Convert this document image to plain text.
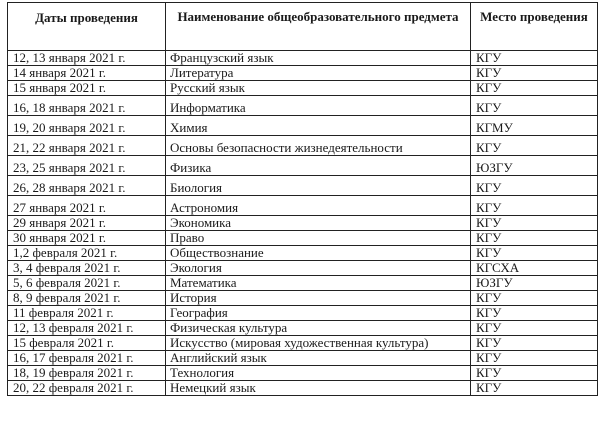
Даты проведения	Наименование общеобразовательного предмета	Место проведения
12, 13 января 2021 г.	Французский язык	КГУ
14 января 2021 г.	Литература	КГУ
15 января 2021 г.	Русский язык	КГУ
16, 18 января 2021 г.	Информатика	КГУ
19, 20 января 2021 г.	Химия	КГМУ
21, 22 января 2021 г.	Основы безопасности жизнедеятельности	КГУ
23, 25 января 2021 г.	Физика	ЮЗГУ
26, 28 января 2021 г.	Биология	КГУ
27 января 2021 г.	Астрономия	КГУ
29 января 2021 г.	Экономика	КГУ
30 января 2021 г.	Право	КГУ
1,2 февраля 2021 г.	Обществознание	КГУ
3, 4 февраля 2021 г.	Экология	КГСХА
5, 6 февраля 2021 г.	Математика	ЮЗГУ
8, 9 февраля 2021 г.	История	КГУ
11 февраля 2021 г.	География	КГУ
12, 13 февраля 2021 г.	Физическая культура	КГУ
15 февраля 2021 г.	Искусство (мировая художественная культура)	КГУ
16, 17 февраля 2021 г.	Английский язык	КГУ
18, 19 февраля 2021 г.	Технология	КГУ
20, 22 февраля 2021 г.	Немецкий язык	КГУ
